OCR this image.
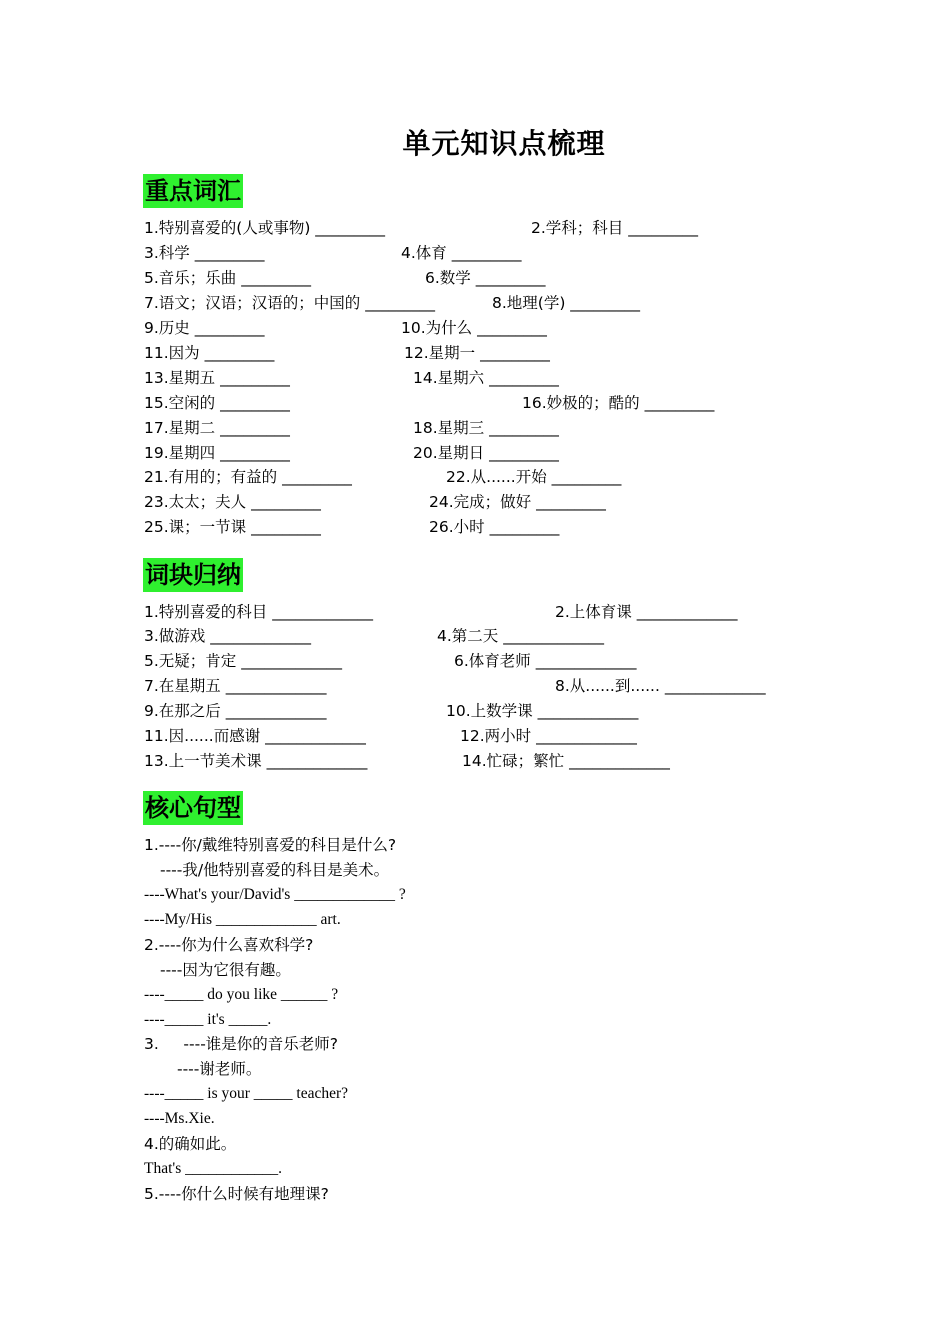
单元知识点梳理
重点词汇
1.特别喜爱的(人或事物) _________	2.学科；科目 _________
3.科学 _________	4.体育 _________
5.音乐；乐曲 _________	6.数学 _________
7.语文；汉语；汉语的；中国的 _________	8.地理(学) _________
9.历史 _________	10.为什么 _________
11.因为 _________	12.星期一 _________
13.星期五 _________	14.星期六 _________
15.空闲的 _________	16.妙极的；酷的 _________
17.星期二 _________	18.星期三 _________
19.星期四 _________	20.星期日 _________
21.有用的；有益的 _________	22.从......开始 _________
23.太太；夫人 _________	24.完成；做好 _________
25.课；一节课 _________	26.小时 _________
词块归纳
1.特别喜爱的科目 _____________	2.上体育课 _____________
3.做游戏 _____________	4.第二天 _____________
5.无疑；肯定 _____________	6.体育老师 _____________
7.在星期五 _____________	8.从......到...... _____________
9.在那之后 _____________	10.上数学课 _____________
11.因......而感谢 _____________	12.两小时 _____________
13.上一节美术课 _____________	14.忙碌；繁忙 _____________
核心句型
1.----你/戴维特别喜爱的科目是什么?
----我/他特别喜爱的科目是美术。
----What's your/David's _____________ ?
----My/His _____________ art.
2.----你为什么喜欢科学?
----因为它很有趣。
----_____ do you like ______ ?
----_____ it's _____.
3.     ----谁是你的音乐老师?
----谢老师。
----_____ is your _____ teacher?
----Ms.Xie.
4.的确如此。
That's ____________.
5.----你什么时候有地理课?
